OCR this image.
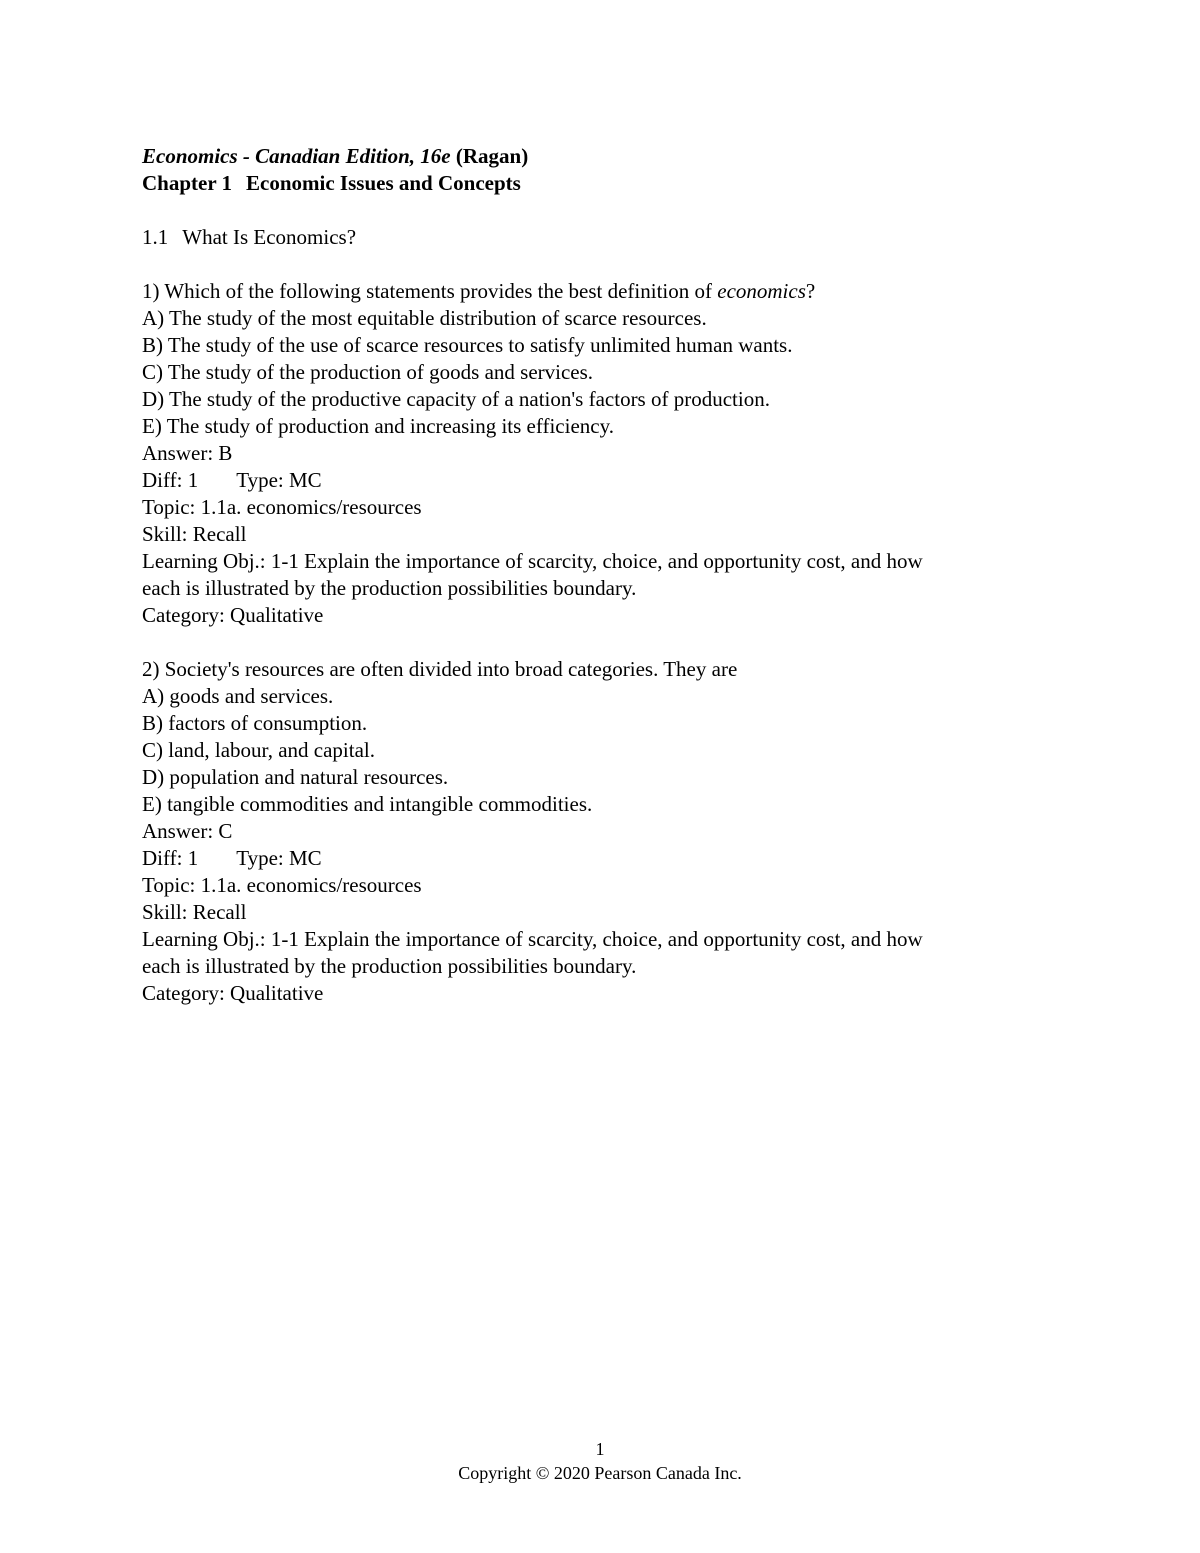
Economics - Canadian Edition, 16e (Ragan)
Chapter 1 Economic Issues and Concepts
1.1 What Is Economics?
1) Which of the following statements provides the best definition of economics?
A) The study of the most equitable distribution of scarce resources.
B) The study of the use of scarce resources to satisfy unlimited human wants.
C) The study of the production of goods and services.
D) The study of the productive capacity of a nation's factors of production.
E) The study of production and increasing its efficiency.
Answer: B
Diff: 1 Type: MC
Topic: 1.1a. economics/resources
Skill: Recall
Learning Obj.: 1-1 Explain the importance of scarcity, choice, and opportunity cost, and how
each is illustrated by the production possibilities boundary.
Category: Qualitative
2) Society's resources are often divided into broad categories. They are
A) goods and services.
B) factors of consumption.
C) land, labour, and capital.
D) population and natural resources.
E) tangible commodities and intangible commodities.
Answer: C
Diff: 1 Type: MC
Topic: 1.1a. economics/resources
Skill: Recall
Learning Obj.: 1-1 Explain the importance of scarcity, choice, and opportunity cost, and how
each is illustrated by the production possibilities boundary.
Category: Qualitative
1
Copyright © 2020 Pearson Canada Inc.
